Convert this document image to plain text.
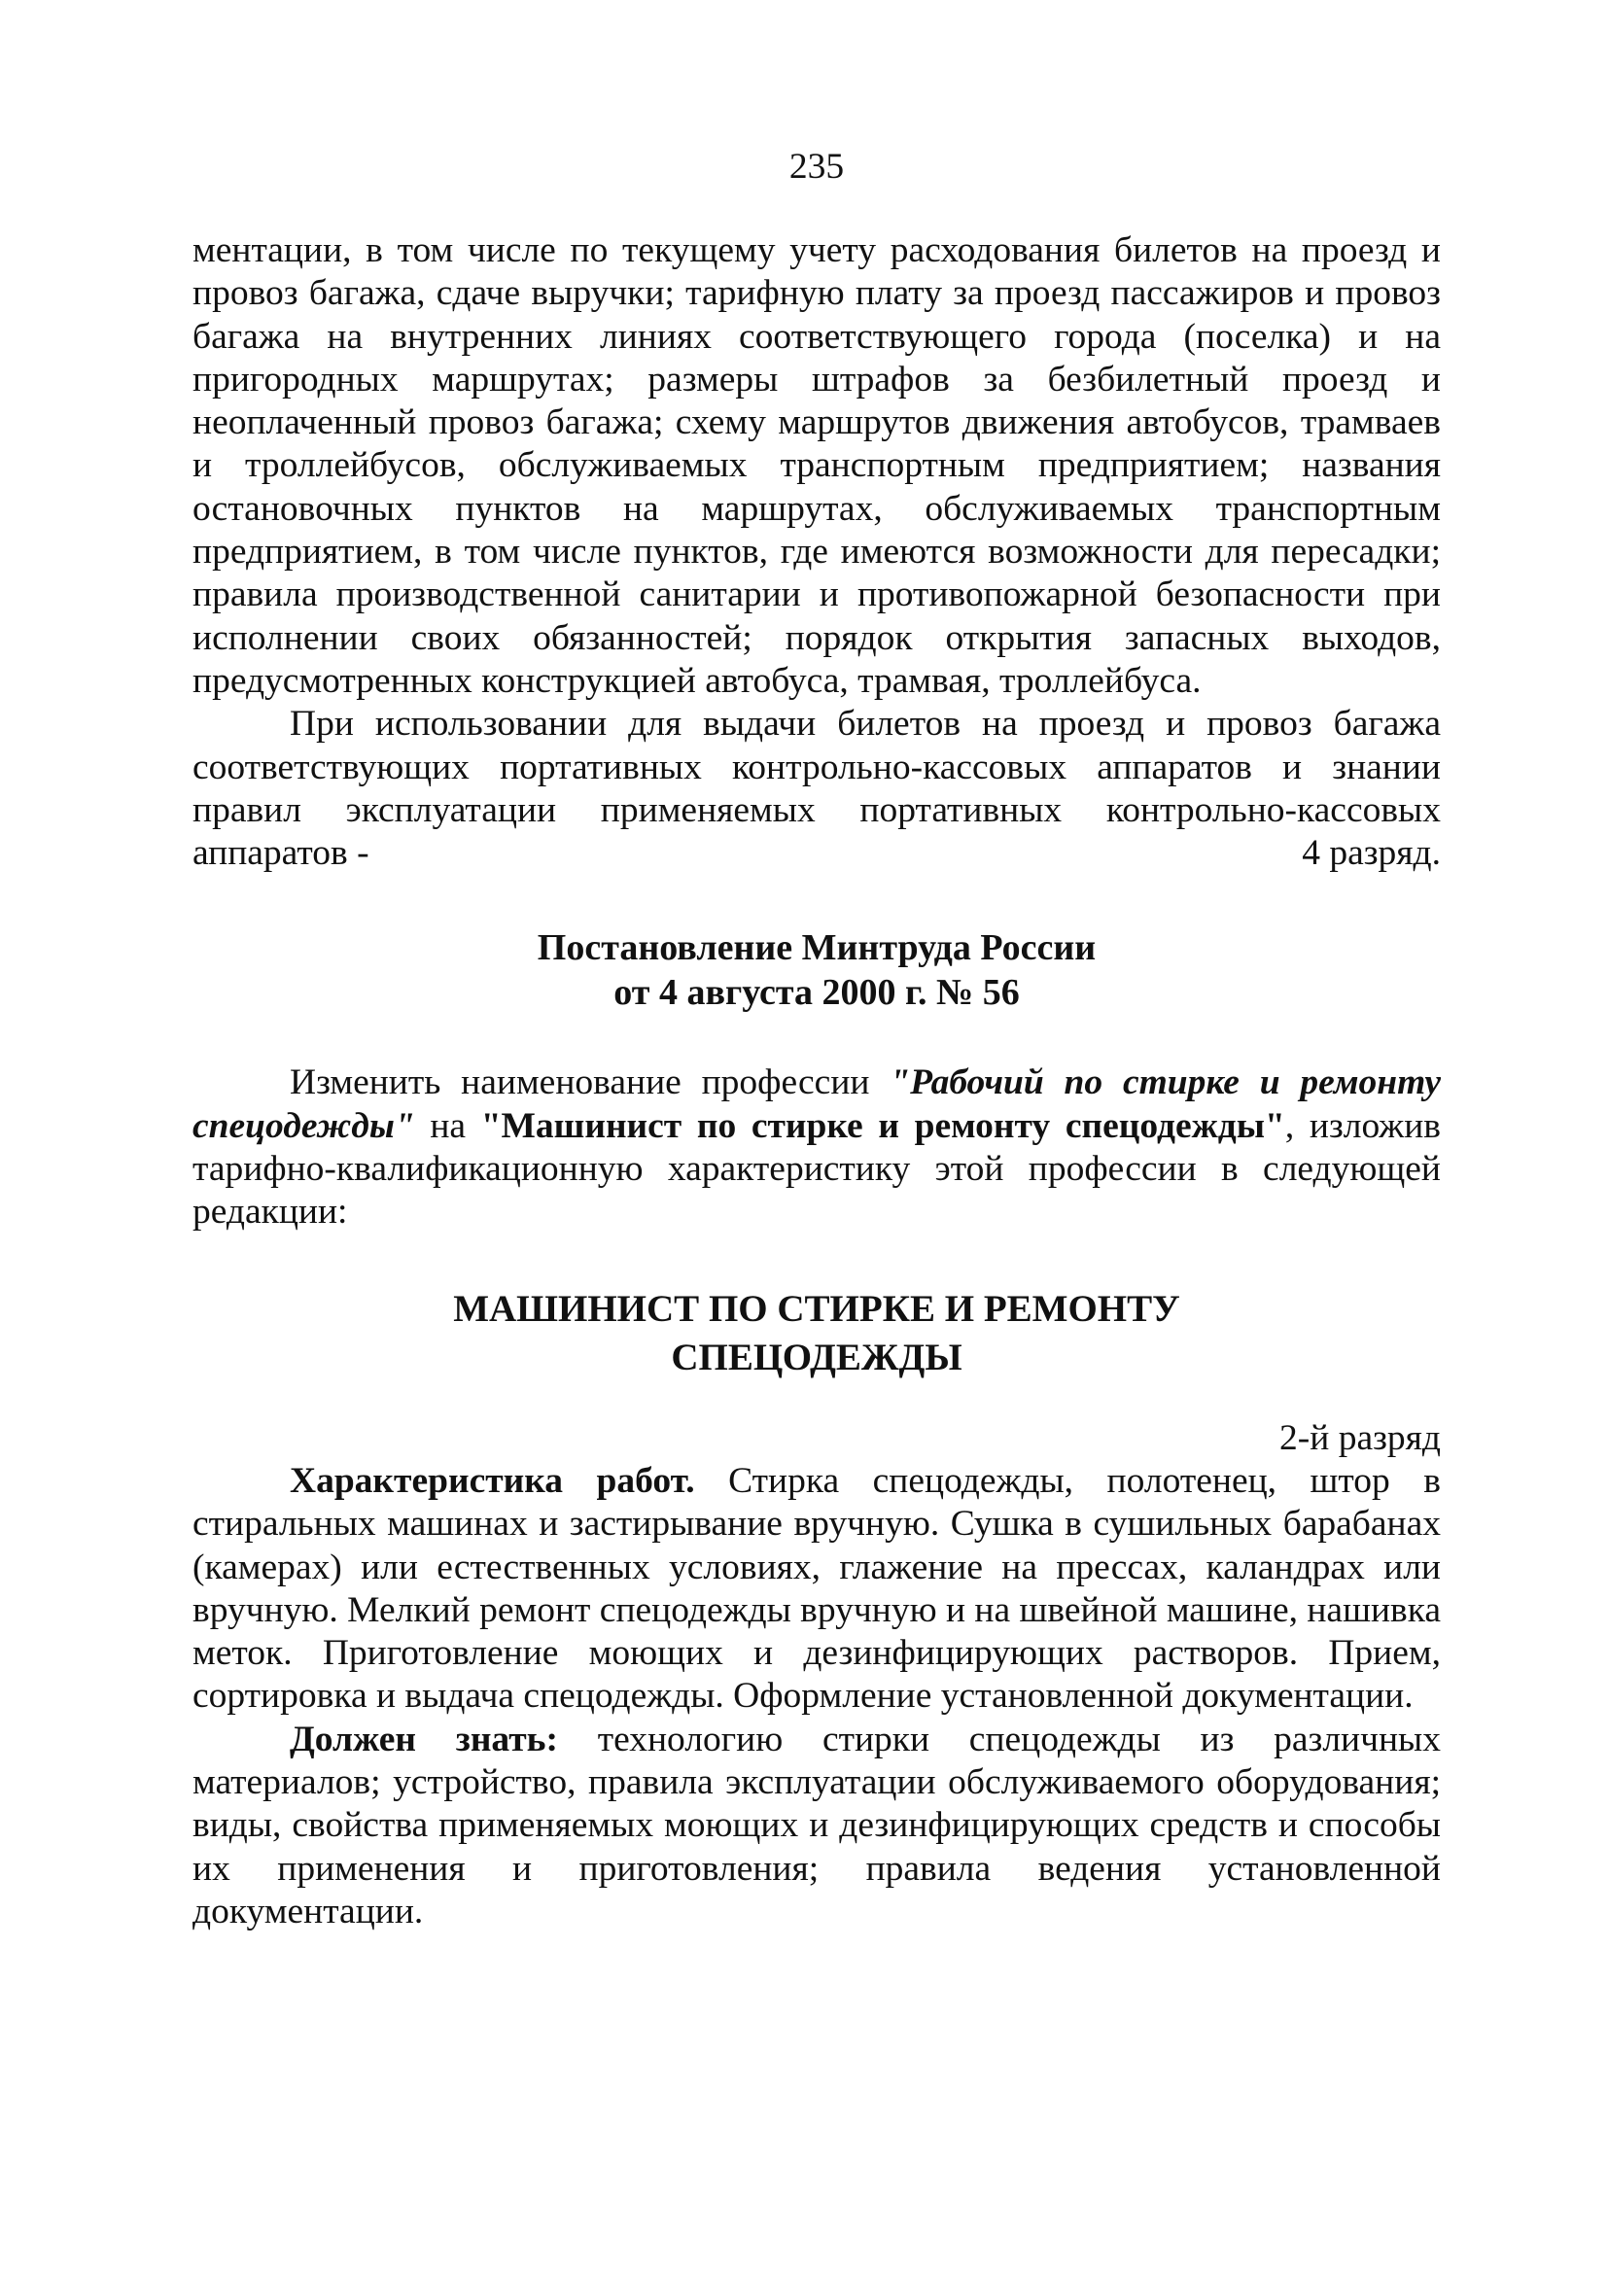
235

ментации, в том числе по текущему учету расходования билетов на проезд и провоз багажа, сдаче выручки; тарифную плату за проезд пассажиров и провоз багажа на внутренних линиях соответствующего города (поселка) и на пригородных маршрутах; размеры штрафов за безбилетный проезд и неоплаченный провоз багажа; схему маршрутов движения автобусов, трамваев и троллейбусов, обслуживаемых транспортным предприятием; названия остановочных пунктов на маршрутах, обслуживаемых транспортным предприятием, в том числе пунктов, где имеются возможности для пересадки; правила производственной санитарии и противопожарной безопасности при исполнении своих обязанностей; порядок открытия запасных выходов, предусмотренных конструкцией автобуса, трамвая, троллейбуса.

При использовании для выдачи билетов на проезд и провоз багажа соответствующих портативных контрольно-кассовых аппаратов и знании правил эксплуатации применяемых портативных контрольно-кассовых

аппаратов -	4 разряд.
Постановление Минтруда России
от 4 августа 2000 г. № 56

Изменить наименование профессии "Рабочий по стирке и ремонту спецодежды" на "Машинист по стирке и ремонту спецодежды", изложив тарифно-квалификационную характеристику этой профессии в следующей редакции:

МАШИНИСТ ПО СТИРКЕ И РЕМОНТУ
СПЕЦОДЕЖДЫ

2-й разряд

Характеристика работ. Стирка спецодежды, полотенец, штор в стиральных машинах и застирывание вручную. Сушка в сушильных барабанах (камерах) или естественных условиях, глажение на прессах, каландрах или вручную. Мелкий ремонт спецодежды вручную и на швейной машине, нашивка меток. Приготовление моющих и дезинфицирующих растворов. Прием, сортировка и выдача спецодежды. Оформление установленной документации.

Должен знать: технологию стирки спецодежды из различных материалов; устройство, правила эксплуатации обслуживаемого оборудования; виды, свойства применяемых моющих и дезинфицирующих средств и способы их применения и приготовления; правила ведения установленной документации.
